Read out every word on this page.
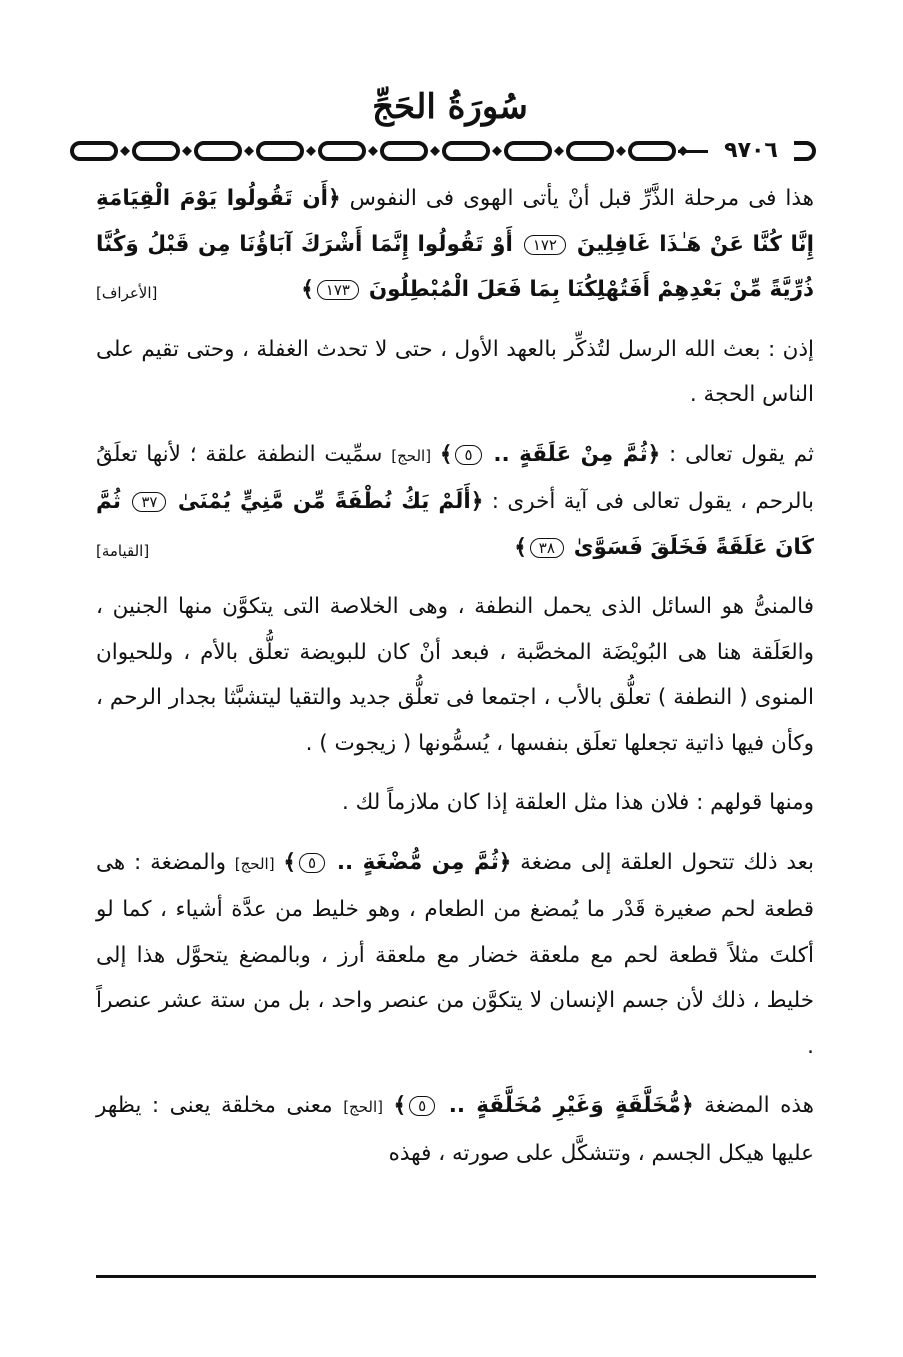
سُورَةُ الحَجِّ
٩٧٠٦

هذا فى مرحلة الذَّرِّ قبل أنْ يأتى الهوى فى النفوس ﴿أَن تَقُولُوا يَوْمَ الْقِيَامَةِ إِنَّا كُنَّا عَنْ هَـٰذَا غَافِلِينَ ١٧٢ أَوْ تَقُولُوا إِنَّمَا أَشْرَكَ آبَاؤُنَا مِن قَبْلُ وَكُنَّا ذُرِّيَّةً مِّنْ بَعْدِهِمْ أَفَتُهْلِكُنَا بِمَا فَعَلَ الْمُبْطِلُونَ ١٧٣﴾
[الأعراف]

إذن : بعث الله الرسل لتُذكِّر بالعهد الأول ، حتى لا تحدث الغفلة ، وحتى تقيم على الناس الحجة .

ثم يقول تعالى : ﴿ثُمَّ مِنْ عَلَقَةٍ .. ٥﴾ [الحج] سمِّيت النطفة علقة ؛ لأنها تعلَقُ بالرحم ، يقول تعالى فى آية أخرى : ﴿أَلَمْ يَكُ نُطْفَةً مِّن مَّنِيٍّ يُمْنَىٰ ٣٧ ثُمَّ كَانَ عَلَقَةً فَخَلَقَ فَسَوَّىٰ ٣٨﴾
[القيامة]

فالمنىُّ هو السائل الذى يحمل النطفة ، وهى الخلاصة التى يتكوَّن منها الجنين ، والعَلَقة هنا هى البُويْضَة المخصَّبة ، فبعد أنْ كان للبويضة تعلُّق بالأم ، وللحيوان المنوى ( النطفة ) تعلُّق بالأب ، اجتمعا فى تعلُّق جديد والتقيا ليتشبَّثا بجدار الرحم ، وكأن فيها ذاتية تجعلها تعلَق بنفسها ، يُسمُّونها ( زيجوت ) .

ومنها قولهم : فلان هذا مثل العلقة إذا كان ملازماً لك .

بعد ذلك تتحول العلقة إلى مضغة ﴿ثُمَّ مِن مُّضْغَةٍ .. ٥﴾ [الحج] والمضغة : هى قطعة لحم صغيرة قَدْر ما يُمضغ من الطعام ، وهو خليط من عدَّة أشياء ، كما لو أكلتَ مثلاً قطعة لحم مع ملعقة خضار مع ملعقة أرز ، وبالمضغ يتحوَّل هذا إلى خليط ، ذلك لأن جسم الإنسان لا يتكوَّن من عنصر واحد ، بل من ستة عشر عنصراً .

هذه المضغة ﴿مُّخَلَّقَةٍ وَغَيْرِ مُخَلَّقَةٍ .. ٥﴾ [الحج] معنى مخلقة يعنى : يظهر عليها هيكل الجسم ، وتتشكَّل على صورته ، فهذه
